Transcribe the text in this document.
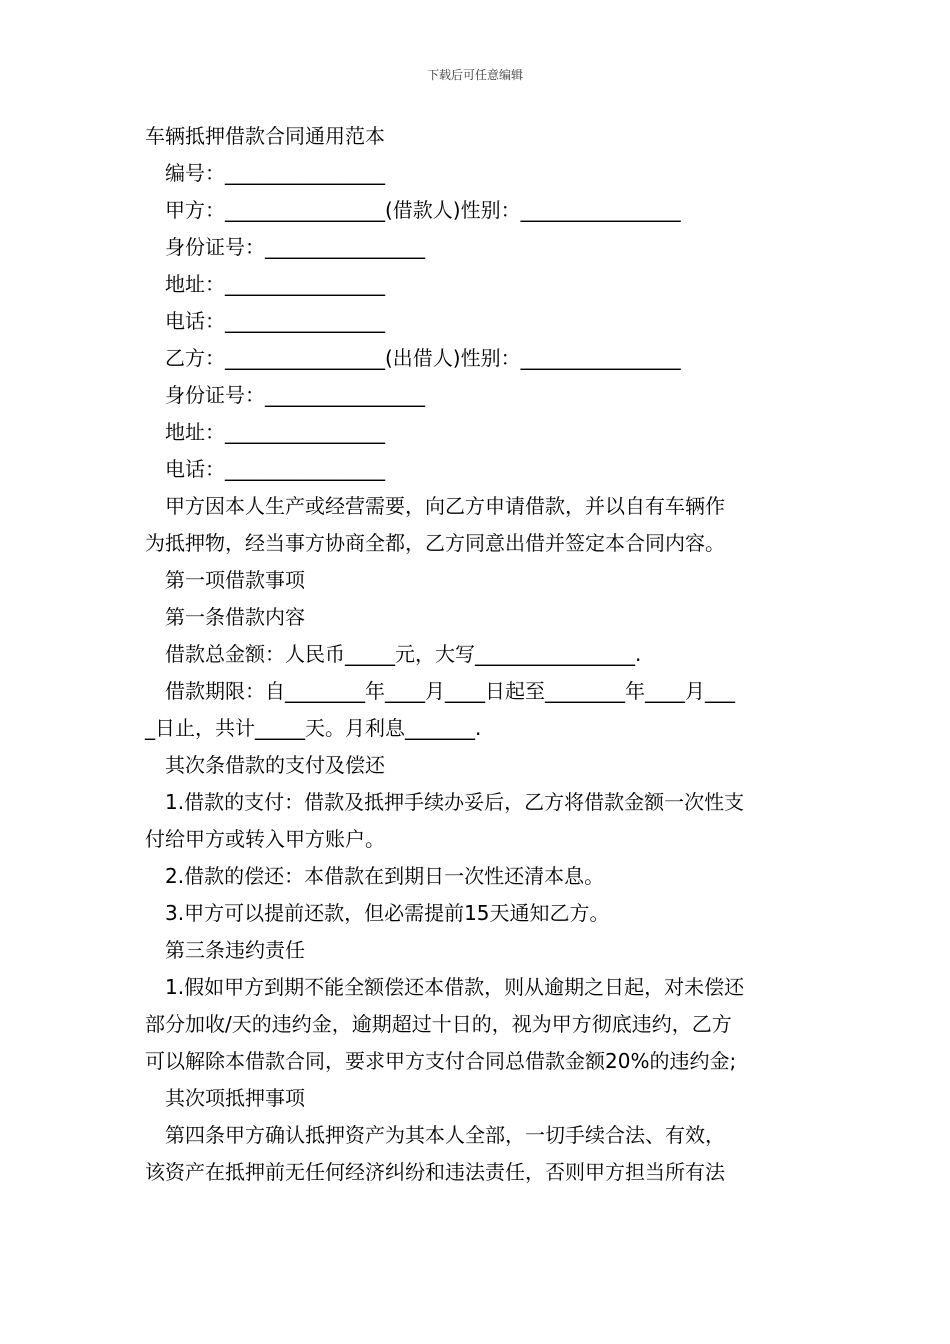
下载后可任意编辑
车辆抵押借款合同通用范本
编号：________________
甲方：________________(借款人)性别：________________
身份证号：________________
地址：________________
电话：________________
乙方：________________(出借人)性别：________________
身份证号：________________
地址：________________
电话：________________
甲方因本人生产或经营需要，向乙方申请借款，并以自有车辆作
为抵押物，经当事方协商全都，乙方同意出借并签定本合同内容。
第一项借款事项
第一条借款内容
借款总金额：人民币_____元，大写________________.
借款期限：自________年____月____日起至________年____月___
_日止，共计_____天。月利息_______.
其次条借款的支付及偿还
1.借款的支付：借款及抵押手续办妥后，乙方将借款金额一次性支
付给甲方或转入甲方账户。
2.借款的偿还：本借款在到期日一次性还清本息。
3.甲方可以提前还款，但必需提前15天通知乙方。
第三条违约责任
1.假如甲方到期不能全额偿还本借款，则从逾期之日起，对未偿还
部分加收/天的违约金，逾期超过十日的，视为甲方彻底违约，乙方
可以解除本借款合同，要求甲方支付合同总借款金额20%的违约金;
其次项抵押事项
第四条甲方确认抵押资产为其本人全部，一切手续合法、有效，
该资产在抵押前无任何经济纠纷和违法责任，否则甲方担当所有法
